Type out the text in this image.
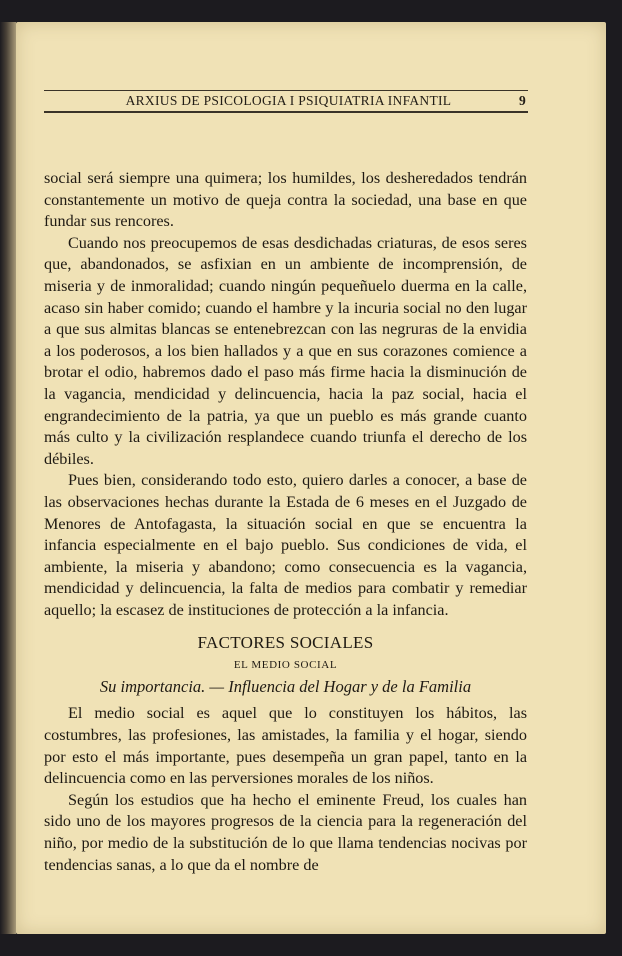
ARXIUS DE PSICOLOGIA I PSIQUIATRIA INFANTIL	9

social será siempre una quimera; los humildes, los desheredados tendrán constantemente un motivo de queja contra la sociedad, una base en que fundar sus rencores.

Cuando nos preocupemos de esas desdichadas criaturas, de esos seres que, abandonados, se asfixian en un ambiente de incomprensión, de miseria y de inmoralidad; cuando ningún pequeñuelo duerma en la calle, acaso sin haber comido; cuando el hambre y la incuria social no den lugar a que sus almitas blancas se entenebrezcan con las negruras de la envidia a los poderosos, a los bien hallados y a que en sus corazones comience a brotar el odio, habremos dado el paso más firme hacia la disminución de la vagancia, mendicidad y delincuencia, hacia la paz social, hacia el engrandecimiento de la patria, ya que un pueblo es más grande cuanto más culto y la civilización resplandece cuando triunfa el derecho de los débiles.

Pues bien, considerando todo esto, quiero darles a conocer, a base de las observaciones hechas durante la Estada de 6 meses en el Juzgado de Menores de Antofagasta, la situación social en que se encuentra la infancia especialmente en el bajo pueblo. Sus condiciones de vida, el ambiente, la miseria y abandono; como consecuencia es la vagancia, mendicidad y delincuencia, la falta de medios para combatir y remediar aquello; la escasez de instituciones de protección a la infancia.

FACTORES SOCIALES
EL MEDIO SOCIAL
Su importancia. — Influencia del Hogar y de la Familia

El medio social es aquel que lo constituyen los hábitos, las costumbres, las profesiones, las amistades, la familia y el hogar, siendo por esto el más importante, pues desempeña un gran papel, tanto en la delincuencia como en las perversiones morales de los niños.

Según los estudios que ha hecho el eminente Freud, los cuales han sido uno de los mayores progresos de la ciencia para la regeneración del niño, por medio de la substitución de lo que llama tendencias nocivas por tendencias sanas, a lo que da el nombre de
